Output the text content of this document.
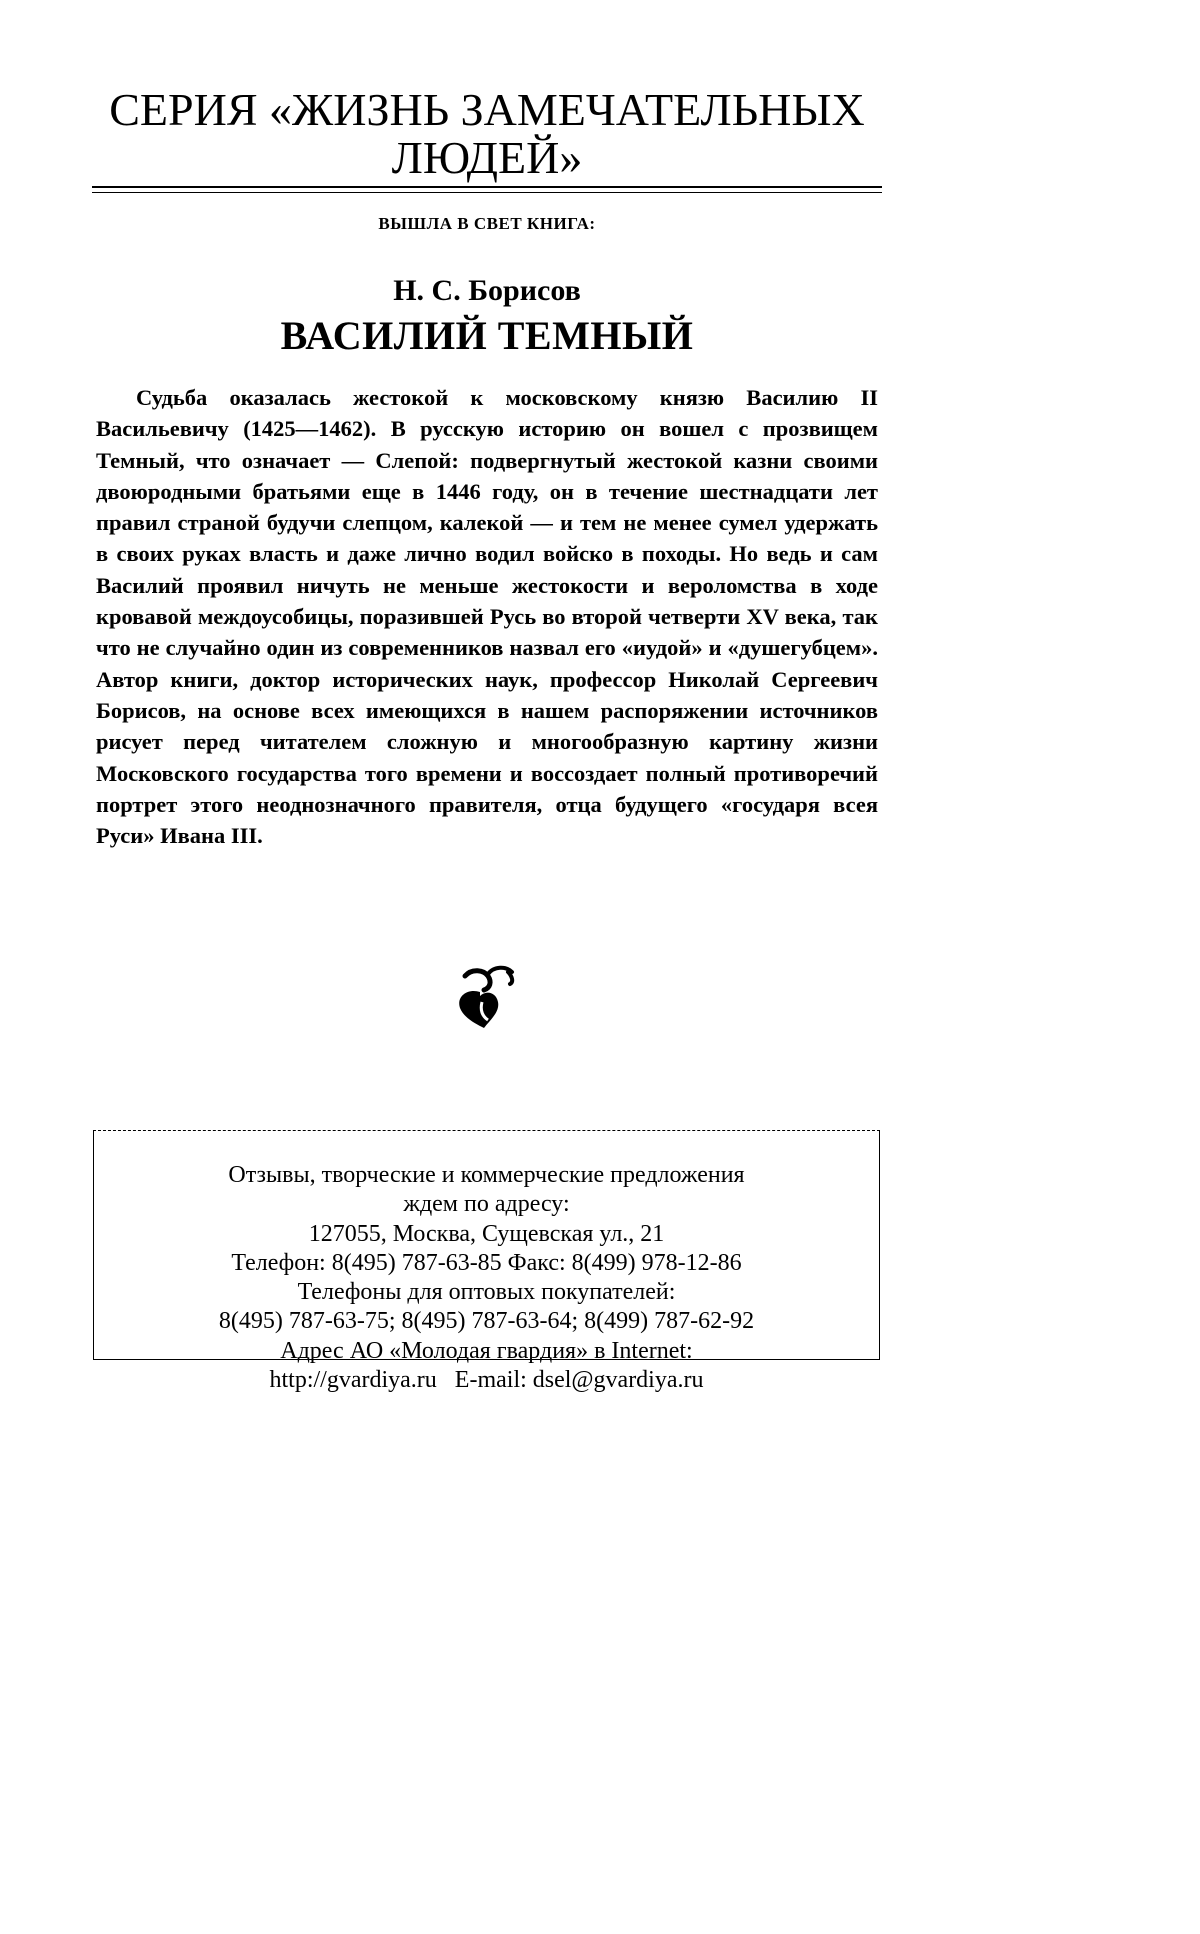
СЕРИЯ «ЖИЗНЬ ЗАМЕЧАТЕЛЬНЫХ
ЛЮДЕЙ»
ВЫШЛА В СВЕТ КНИГА:
Н. С. Борисов
ВАСИЛИЙ ТЕМНЫЙ

Судьба оказалась жестокой к московскому князю Василию II Васильевичу (1425—1462). В русскую историю он вошел с прозвищем Темный, что означает — Слепой: подвергнутый жестокой казни своими двоюродными братьями еще в 1446 году, он в течение шестнадцати лет правил страной будучи слепцом, калекой — и тем не менее сумел удержать в своих руках власть и даже лично водил войско в походы. Но ведь и сам Василий проявил ничуть не меньше жестокости и вероломства в ходе кровавой междоусобицы, поразившей Русь во второй четверти XV века, так что не случайно один из современников назвал его «иудой» и «душегубцем». Автор книги, доктор исторических наук, профессор Николай Сергеевич Борисов, на основе всех имеющихся в нашем распоряжении источников рисует перед читателем сложную и многообразную картину жизни Московского государства того времени и воссоздает полный противоречий портрет этого неоднозначного правителя, отца будущего «государя всея Руси» Ивана III.

Отзывы, творческие и коммерческие предложения
ждем по адресу:
127055, Москва, Сущевская ул., 21
Телефон: 8(495) 787-63-85 Факс: 8(499) 978-12-86
Телефоны для оптовых покупателей:
8(495) 787-63-75; 8(495) 787-63-64; 8(499) 787-62-92
Адрес АО «Молодая гвардия» в Internet:
http://gvardiya.ru   E-mail: dsel@gvardiya.ru
